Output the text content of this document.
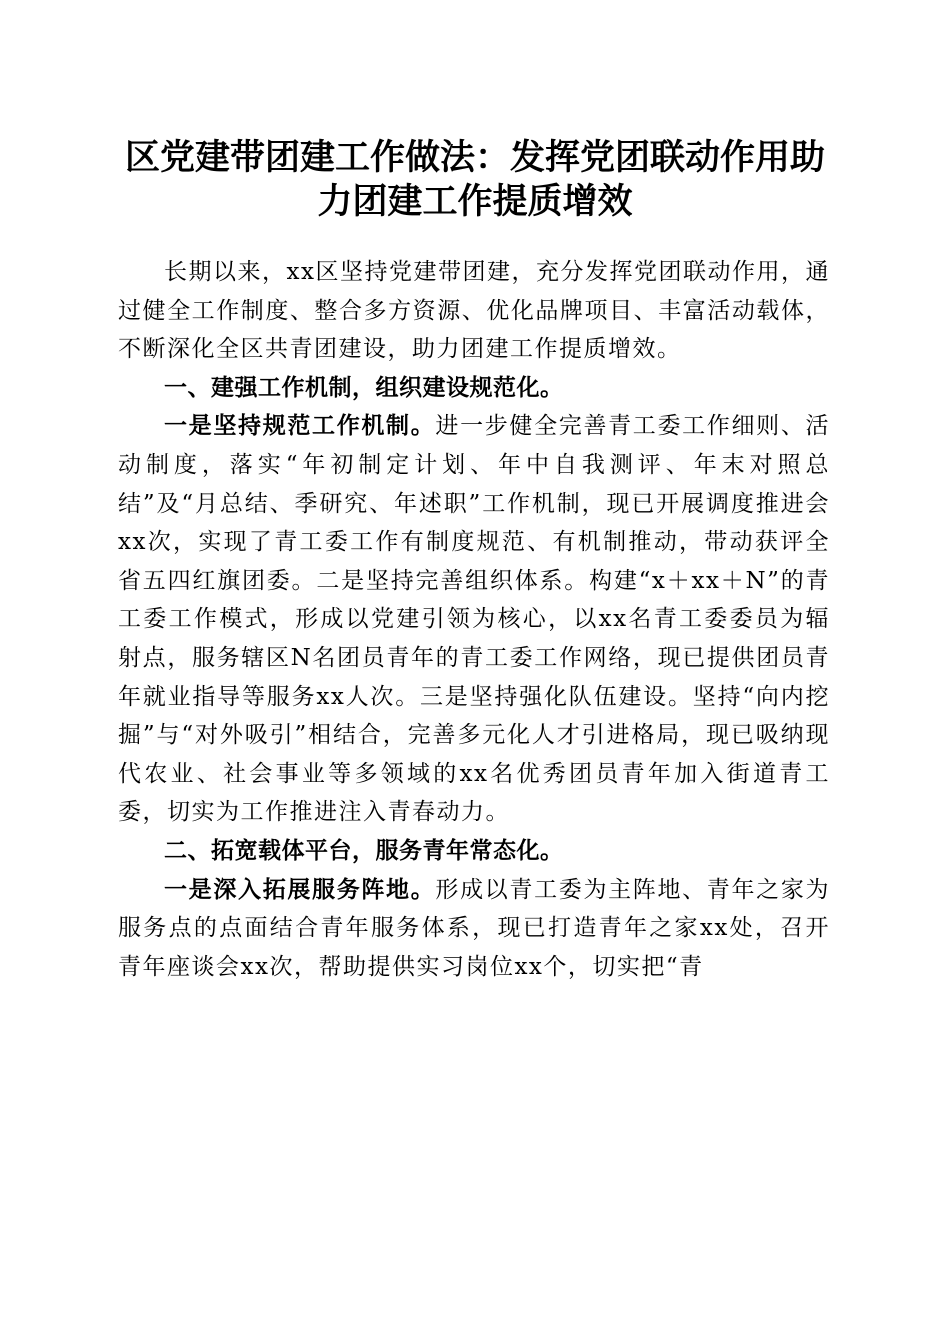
区党建带团建工作做法：发挥党团联动作用助力团建工作提质增效

长期以来，xx区坚持党建带团建，充分发挥党团联动作用，通过健全工作制度、整合多方资源、优化品牌项目、丰富活动载体，不断深化全区共青团建设，助力团建工作提质增效。

一、建强工作机制，组织建设规范化。

一是坚持规范工作机制。进一步健全完善青工委工作细则、活动制度，落实“年初制定计划、年中自我测评、年末对照总结”及“月总结、季研究、年述职”工作机制，现已开展调度推进会xx次，实现了青工委工作有制度规范、有机制推动，带动获评全省五四红旗团委。二是坚持完善组织体系。构建“x＋xx＋N”的青工委工作模式，形成以党建引领为核心，以xx名青工委委员为辐射点，服务辖区N名团员青年的青工委工作网络，现已提供团员青年就业指导等服务xx人次。三是坚持强化队伍建设。坚持“向内挖掘”与“对外吸引”相结合，完善多元化人才引进格局，现已吸纳现代农业、社会事业等多领域的xx名优秀团员青年加入街道青工委，切实为工作推进注入青春动力。

二、拓宽载体平台，服务青年常态化。

一是深入拓展服务阵地。形成以青工委为主阵地、青年之家为服务点的点面结合青年服务体系，现已打造青年之家xx处，召开青年座谈会xx次，帮助提供实习岗位xx个，切实把“青
